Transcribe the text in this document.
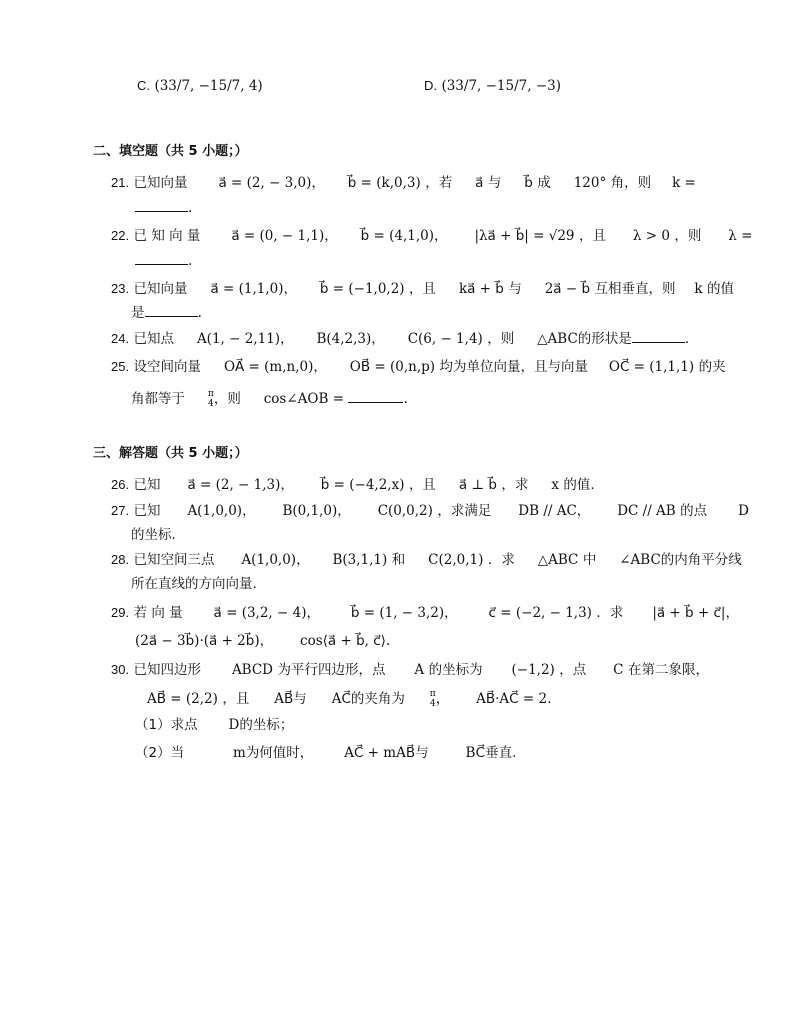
C. (33/7, −15/7, 4)	D. (33/7, −15/7, −3)
二、填空题（共 5 小题；）
21. 已知向量 a⃗ = (2, − 3,0)， b⃗ = (k,0,3) ，若 a⃗ 与 b⃗ 成 120° 角，则 k =
.
22. 已 知 向 量 a⃗ = (0, − 1,1)， b⃗ = (4,1,0)， |λa⃗ + b⃗| = √29 ，且 λ > 0 ，则 λ =
.
23. 已知向量 a⃗ = (1,1,0)， b⃗ = (−1,0,2) ，且 ka⃗ + b⃗ 与 2a⃗ − b⃗ 互相垂直，则 k 的值
是	.
24. 已知点 A(1, − 2,11)， B(4,2,3)， C(6, − 1,4) ，则 △ABC的形状是	.
25. 设空间向量 OA⃗ = (m,n,0)， OB⃗ = (0,n,p) 均为单位向量，且与向量 OC⃗ = (1,1,1) 的夹
角都等于	π
4 ，则 cos∠AOB =	.
三、解答题（共 5 小题；）
26. 已知 a⃗ = (2, − 1,3)， b⃗ = (−4,2,x) ，且 a⃗ ⊥ b⃗ ，求 x 的值.
27. 已知 A(1,0,0)， B(0,1,0)， C(0,0,2) ，求满足 DB // AC， DC // AB 的点 D
的坐标.
28. 已知空间三点 A(1,0,0)， B(3,1,1) 和 C(2,0,1) ．求 △ABC 中 ∠ABC的内角平分线
所在直线的方向向量.
29. 若 向 量 a⃗ = (3,2, − 4)， b⃗ = (1, − 3,2)， c⃗ = (−2, − 1,3) ．求 |a⃗ + b⃗ + c⃗|，
(2a⃗ − 3b⃗)·(a⃗ + 2b⃗)， cos⟨a⃗ + b⃗, c⃗⟩.
30. 已知四边形 ABCD 为平行四边形，点 A 的坐标为 (−1,2) ，点 C 在第二象限，
AB⃗ = (2,2) ，且 AB⃗与 AC⃗的夹角为	π
4 ， AB⃗·AC⃗ = 2.
（1）求点 D的坐标；
（2）当	m为何值时， AC⃗ + mAB⃗与	BC⃗垂直.
